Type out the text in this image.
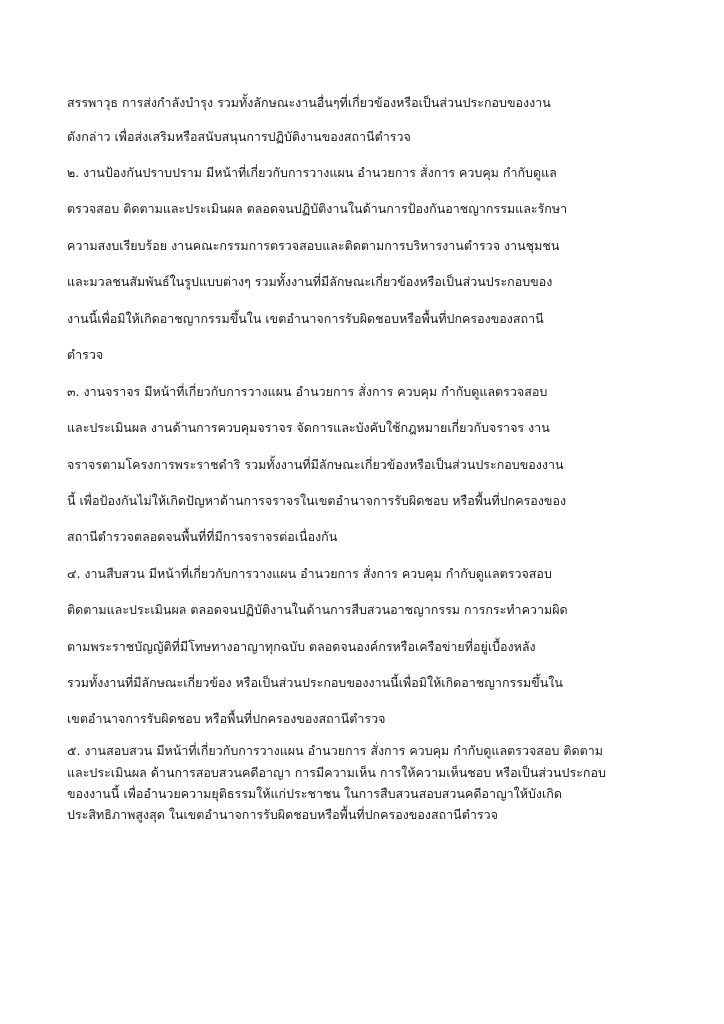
สรรพาวุธ การส่งกำลังบำรุง รวมทั้งลักษณะงานอื่นๆที่เกี่ยวข้องหรือเป็นส่วนประกอบของงาน
ดังกล่าว เพื่อส่งเสริมหรือสนับสนุนการปฏิบัติงานของสถานีตำรวจ
๒. งานป้องกันปราบปราม มีหน้าที่เกี่ยวกับการวางแผน อำนวยการ สั่งการ ควบคุม กำกับดูแล
ตรวจสอบ ติดตามและประเมินผล ตลอดจนปฏิบัติงานในด้านการป้องกันอาชญากรรมและรักษา
ความสงบเรียบร้อย งานคณะกรรมการตรวจสอบและติดตามการบริหารงานตำรวจ งานชุมชน
และมวลชนสัมพันธ์ในรูปแบบต่างๆ รวมทั้งงานที่มีลักษณะเกี่ยวข้องหรือเป็นส่วนประกอบของ
งานนี้เพื่อมิให้เกิดอาชญากรรมขึ้นใน เขตอำนาจการรับผิดชอบหรือพื้นที่ปกครองของสถานี
ตำรวจ
๓. งานจราจร มีหน้าที่เกี่ยวกับการวางแผน อำนวยการ สั่งการ ควบคุม กำกับดูแลตรวจสอบ
และประเมินผล งานด้านการควบคุมจราจร จัดการและบังคับใช้กฎหมายเกี่ยวกับจราจร งาน
จราจรตามโครงการพระราชดำริ รวมทั้งงานที่มีลักษณะเกี่ยวข้องหรือเป็นส่วนประกอบของงาน
นี้ เพื่อป้องกันไม่ให้เกิดปัญหาด้านการจราจรในเขตอำนาจการรับผิดชอบ หรือพื้นที่ปกครองของ
สถานีตำรวจตลอดจนพื้นที่ที่มีการจราจรต่อเนื่องกัน
๔. งานสืบสวน มีหน้าที่เกี่ยวกับการวางแผน อำนวยการ สั่งการ ควบคุม กำกับดูแลตรวจสอบ
ติดตามและประเมินผล ตลอดจนปฏิบัติงานในด้านการสืบสวนอาชญากรรม การกระทำความผิด
ตามพระราชบัญญัติที่มีโทษทางอาญาทุกฉบับ ตลอดจนองค์กรหรือเครือข่ายที่อยู่เบื้องหลัง
รวมทั้งงานที่มีลักษณะเกี่ยวข้อง หรือเป็นส่วนประกอบของงานนี้เพื่อมิให้เกิดอาชญากรรมขึ้นใน
เขตอำนาจการรับผิดชอบ หรือพื้นที่ปกครองของสถานีตำรวจ
๕. งานสอบสวน มีหน้าที่เกี่ยวกับการวางแผน อำนวยการ สั่งการ ควบคุม กำกับดูแลตรวจสอบ ติดตาม
และประเมินผล ด้านการสอบสวนคดีอาญา การมีความเห็น การให้ความเห็นชอบ หรือเป็นส่วนประกอบ
ของงานนี้ เพื่ออำนวยความยุติธรรมให้แก่ประชาชน ในการสืบสวนสอบสวนคดีอาญาให้บังเกิด
ประสิทธิภาพสูงสุด ในเขตอำนาจการรับผิดชอบหรือพื้นที่ปกครองของสถานีตำรวจ
